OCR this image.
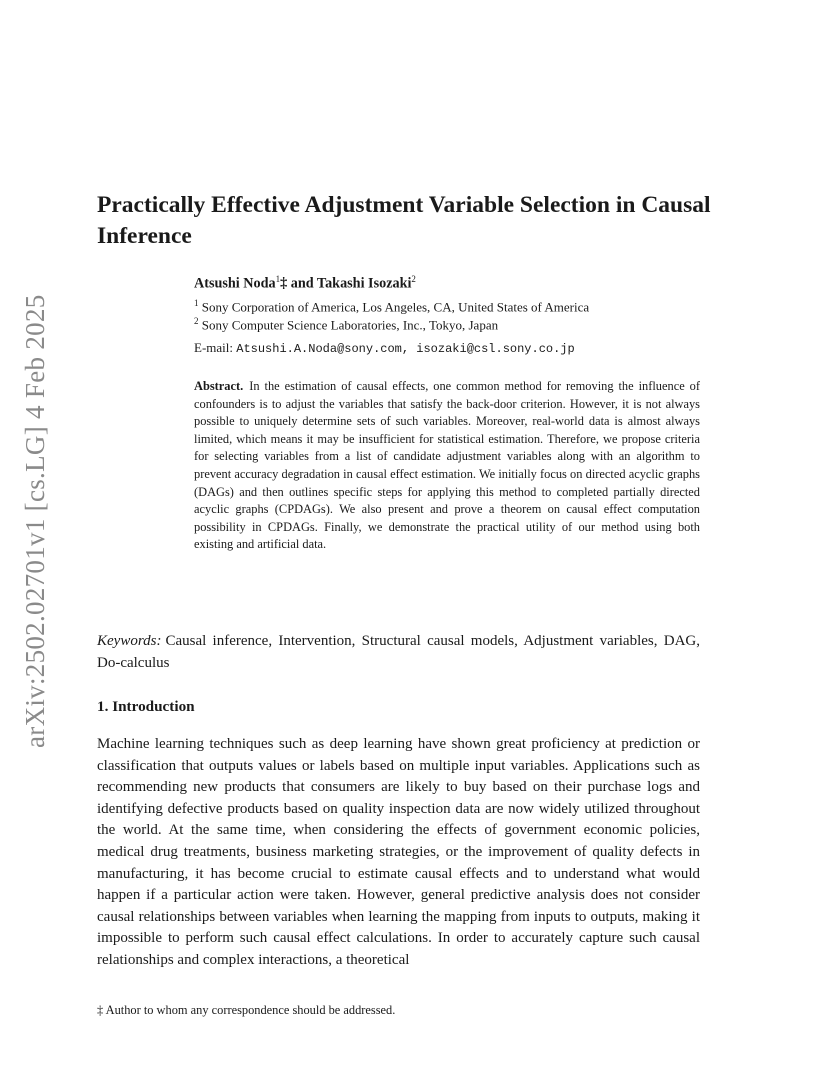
arXiv:2502.02701v1 [cs.LG] 4 Feb 2025
Practically Effective Adjustment Variable Selection in Causal Inference
Atsushi Noda$^1$‡ and Takashi Isozaki$^2$
$^1$ Sony Corporation of America, Los Angeles, CA, United States of America
$^2$ Sony Computer Science Laboratories, Inc., Tokyo, Japan
E-mail: Atsushi.A.Noda@sony.com, isozaki@csl.sony.co.jp

Abstract. In the estimation of causal effects, one common method for removing the influence of confounders is to adjust the variables that satisfy the back-door criterion. However, it is not always possible to uniquely determine sets of such variables. Moreover, real-world data is almost always limited, which means it may be insufficient for statistical estimation. Therefore, we propose criteria for selecting variables from a list of candidate adjustment variables along with an algorithm to prevent accuracy degradation in causal effect estimation. We initially focus on directed acyclic graphs (DAGs) and then outlines specific steps for applying this method to completed partially directed acyclic graphs (CPDAGs). We also present and prove a theorem on causal effect computation possibility in CPDAGs. Finally, we demonstrate the practical utility of our method using both existing and artificial data.

Keywords: Causal inference, Intervention, Structural causal models, Adjustment variables, DAG, Do-calculus

1. Introduction

Machine learning techniques such as deep learning have shown great proficiency at prediction or classification that outputs values or labels based on multiple input variables. Applications such as recommending new products that consumers are likely to buy based on their purchase logs and identifying defective products based on quality inspection data are now widely utilized throughout the world. At the same time, when considering the effects of government economic policies, medical drug treatments, business marketing strategies, or the improvement of quality defects in manufacturing, it has become crucial to estimate causal effects and to understand what would happen if a particular action were taken. However, general predictive analysis does not consider causal relationships between variables when learning the mapping from inputs to outputs, making it impossible to perform such causal effect calculations. In order to accurately capture such causal relationships and complex interactions, a theoretical

‡ Author to whom any correspondence should be addressed.
